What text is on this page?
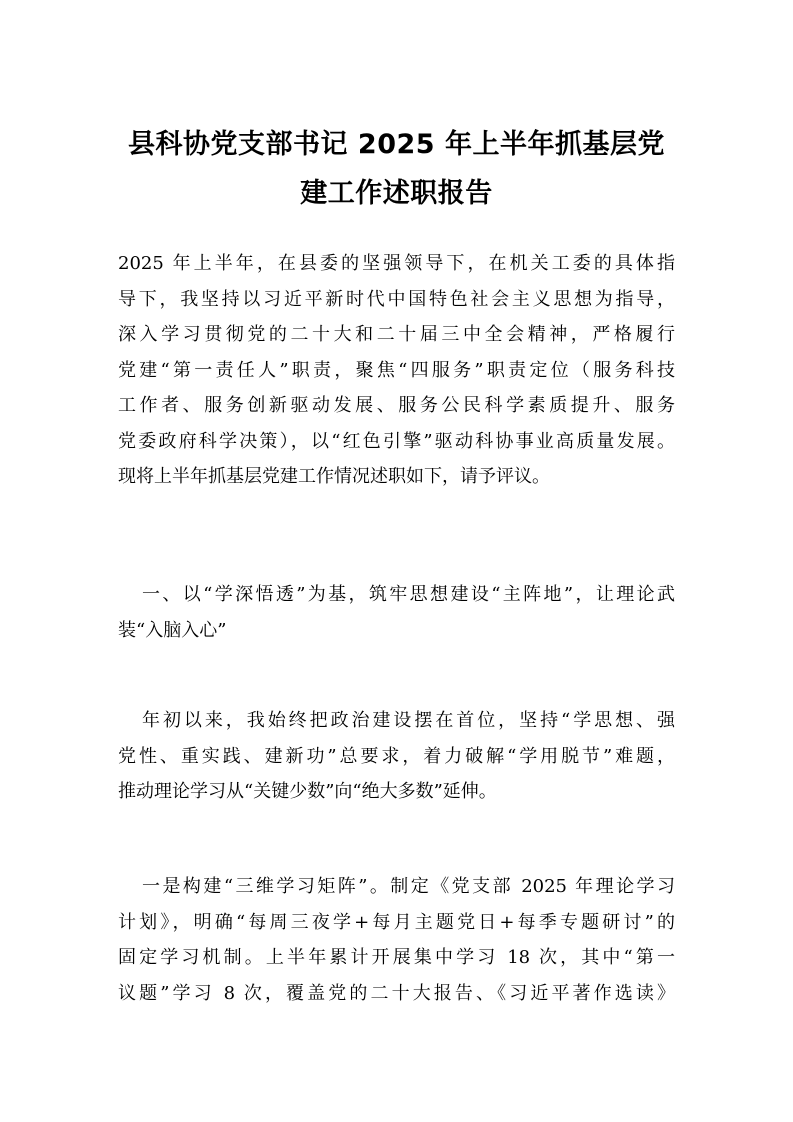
县科协党支部书记 2025 年上半年抓基层党
建工作述职报告
2025 年上半年，在县委的坚强领导下，在机关工委的具体指
导下，我坚持以习近平新时代中国特色社会主义思想为指导，
深入学习贯彻党的二十大和二十届三中全会精神，严格履行
党建“第一责任人”职责，聚焦“四服务”职责定位（服务科技
工作者、服务创新驱动发展、服务公民科学素质提升、服务
党委政府科学决策），以“红色引擎”驱动科协事业高质量发展。
现将上半年抓基层党建工作情况述职如下，请予评议。
一、以“学深悟透”为基，筑牢思想建设“主阵地”，让理论武
装“入脑入心”
年初以来，我始终把政治建设摆在首位，坚持“学思想、强
党性、重实践、建新功”总要求，着力破解“学用脱节”难题，
推动理论学习从“关键少数”向“绝大多数”延伸。
一是构建“三维学习矩阵”。制定《党支部 2025 年理论学习
计划》，明确“每周三夜学+每月主题党日+每季专题研讨”的
固定学习机制。上半年累计开展集中学习 18 次，其中“第一
议题”学习 8 次，覆盖党的二十大报告、《习近平著作选读》
